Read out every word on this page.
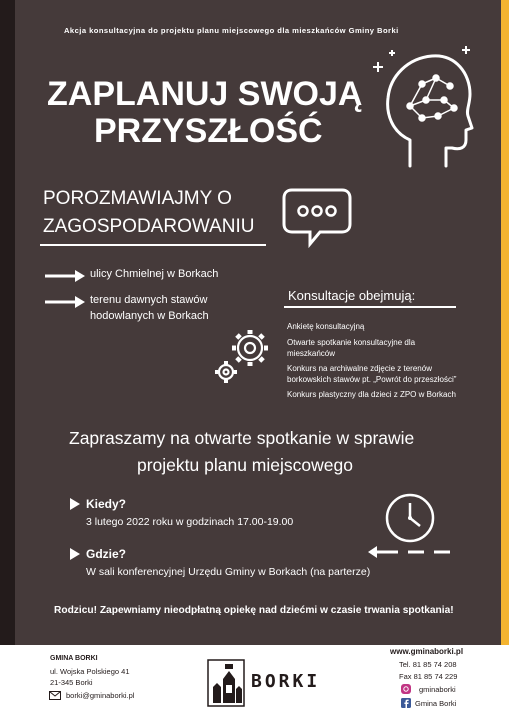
Akcja konsultacyjna do projektu planu miejscowego dla mieszkańców Gminy Borki
ZAPLANUJ SWOJĄ
PRZYSZŁOŚĆ
POROZMAWIAJMY O
ZAGOSPODAROWANIU
ulicy Chmielnej w Borkach
terenu dawnych stawów
hodowlanych w Borkach
Konsultacje obejmują:
Ankietę konsultacyjną
Otwarte spotkanie konsultacyjne dla
mieszkańców
Konkurs na archiwalne zdjęcie z terenów
borkowskich stawów pt. „Powrót do przeszłości”
Konkurs plastyczny dla dzieci z ZPO w Borkach
Zapraszamy na otwarte spotkanie w sprawie
projektu planu miejscowego
Kiedy?
3 lutego 2022 roku w godzinach 17.00-19.00
Gdzie?
W sali konferencyjnej Urzędu Gminy w Borkach (na parterze)
Rodzicu! Zapewniamy nieodpłatną opiekę nad dziećmi w czasie trwania spotkania!
GMINA BORKI
ul. Wojska Polskiego 41
21-345 Borki
borki@gminaborki.pl
BORKI
www.gminaborki.pl
Tel. 81 85 74 208
Fax 81 85 74 229
gminaborki
Gmina Borki
